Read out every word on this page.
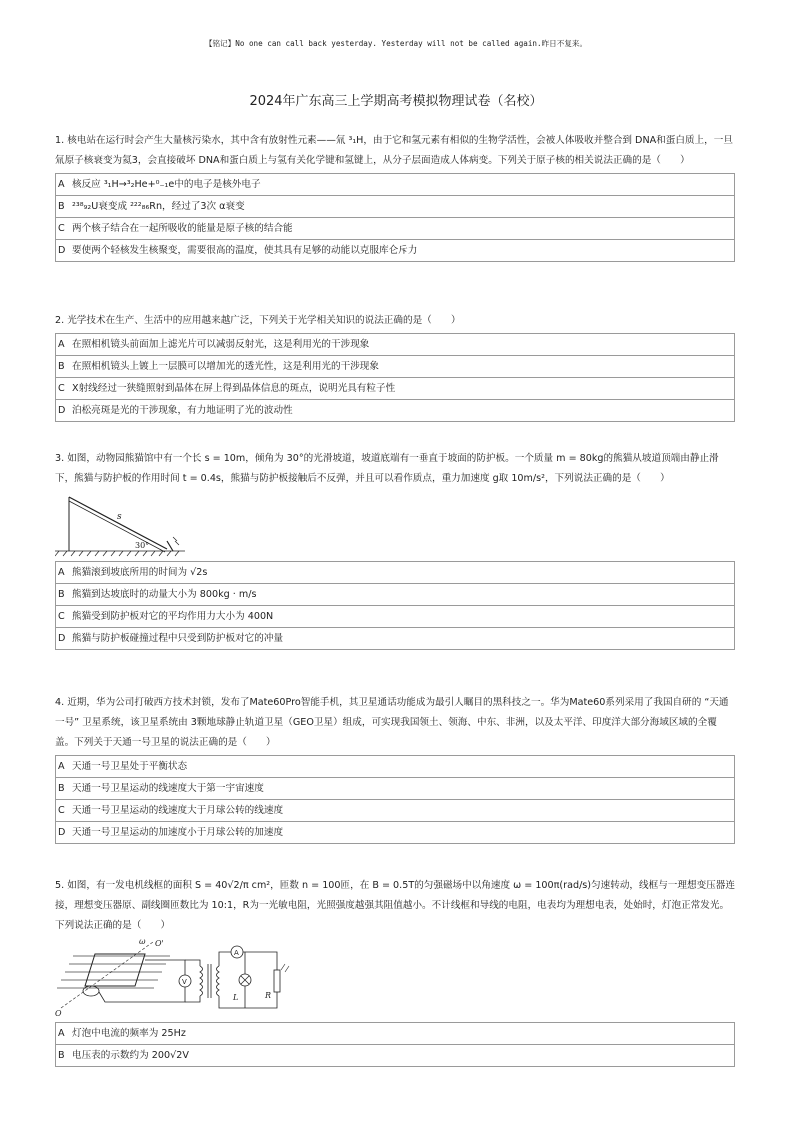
【铭记】No one can call back yesterday. Yesterday will not be called again.昨日不复来。
2024年广东高三上学期高考模拟物理试卷（名校）

1. 核电站在运行时会产生大量核污染水，其中含有放射性元素——氚 ³₁H，由于它和氢元素有相似的生物学活性，会被人体吸收并整合到 DNA和蛋白质上，一旦氚原子核衰变为氦3，会直接破坏 DNA和蛋白质上与氢有关化学键和氢键上，从分子层面造成人体病变。下列关于原子核的相关说法正确的是（　　）

A 核反应 ³₁H→³₂He+⁰₋₁e中的电子是核外电子
B ²³⁸₉₂U衰变成 ²²²₈₆Rn，经过了3次 α衰变
C 两个核子结合在一起所吸收的能量是原子核的结合能
D 要使两个轻核发生核聚变，需要很高的温度，使其具有足够的动能以克服库仑斥力

2. 光学技术在生产、生活中的应用越来越广泛，下列关于光学相关知识的说法正确的是（　　）

A 在照相机镜头前面加上滤光片可以减弱反射光，这是利用光的干涉现象
B 在照相机镜头上镀上一层膜可以增加光的透光性，这是利用光的干涉现象
C X射线经过一狭缝照射到晶体在屏上得到晶体信息的斑点，说明光具有粒子性
D 泊松亮斑是光的干涉现象，有力地证明了光的波动性

3. 如图，动物园熊猫馆中有一个长 s = 10m，倾角为 30°的光滑坡道，坡道底端有一垂直于坡面的防护板。一个质量 m = 80kg的熊猫从坡道顶端由静止滑下，熊猫与防护板的作用时间 t = 0.4s，熊猫与防护板接触后不反弹，并且可以看作质点，重力加速度 g取 10m/s²，下列说法正确的是（　　）

s
30°
A 熊猫滚到坡底所用的时间为 √2s
B 熊猫到达坡底时的动量大小为 800kg · m/s
C 熊猫受到防护板对它的平均作用力大小为 400N
D 熊猫与防护板碰撞过程中只受到防护板对它的冲量

4. 近期，华为公司打破西方技术封锁，发布了Mate60Pro智能手机，其卫星通话功能成为最引人瞩目的黑科技之一。华为Mate60系列采用了我国自研的 “天通一号” 卫星系统，该卫星系统由 3颗地球静止轨道卫星（GEO卫星）组成，可实现我国领土、领海、中东、非洲，以及太平洋、印度洋大部分海域区域的全覆盖。下列关于天通一号卫星的说法正确的是（　　）

A 天通一号卫星处于平衡状态
B 天通一号卫星运动的线速度大于第一宇宙速度
C 天通一号卫星运动的线速度大于月球公转的线速度
D 天通一号卫星运动的加速度小于月球公转的加速度

5. 如图，有一发电机线框的面积 S = 40√2/π cm²，匝数 n = 100匝，在 B = 0.5T的匀强磁场中以角速度 ω = 100π(rad/s)匀速转动，线框与一理想变压器连接，理想变压器原、副线圈匝数比为 10:1，R为一光敏电阻，光照强度越强其阻值越小。不计线框和导线的电阻，电表均为理想电表，处始时，灯泡正常发光。下列说法正确的是（　　）

ω O'
O
V
A
L	R
A 灯泡中电流的频率为 25Hz
B 电压表的示数约为 200√2V
